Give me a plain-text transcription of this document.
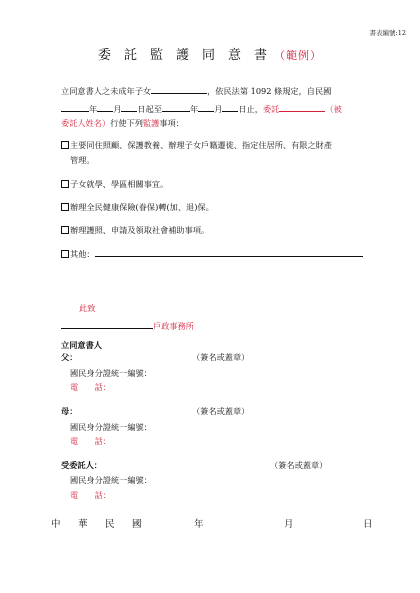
書表編號:12
委託監護同意書（範例）
立同意書人之未成年子女	，依民法第 1092 條規定，自民國
年 月 日起至	年 月 日止，委託	（被
委託人姓名）行使下列監護事項：
主要同住照顧、保護教養、辦理子女戶籍遷徙、指定住居所、有限之財產
管理。
子女就學、學區相關事宜。
辦理全民健康保險(眷保)轉(加、退)保。
辦理護照、申請及領取社會補助事項。
其他：
此致
戶政事務所
立同意書人
父：	（簽名或蓋章）
國民身分證統一編號：
電　　話：
母：	（簽名或蓋章）
國民身分證統一編號：
電　　話：
受委託人：	（簽名或蓋章）
國民身分證統一編號：
電　　話：
中　華　民　國	年	月	日
